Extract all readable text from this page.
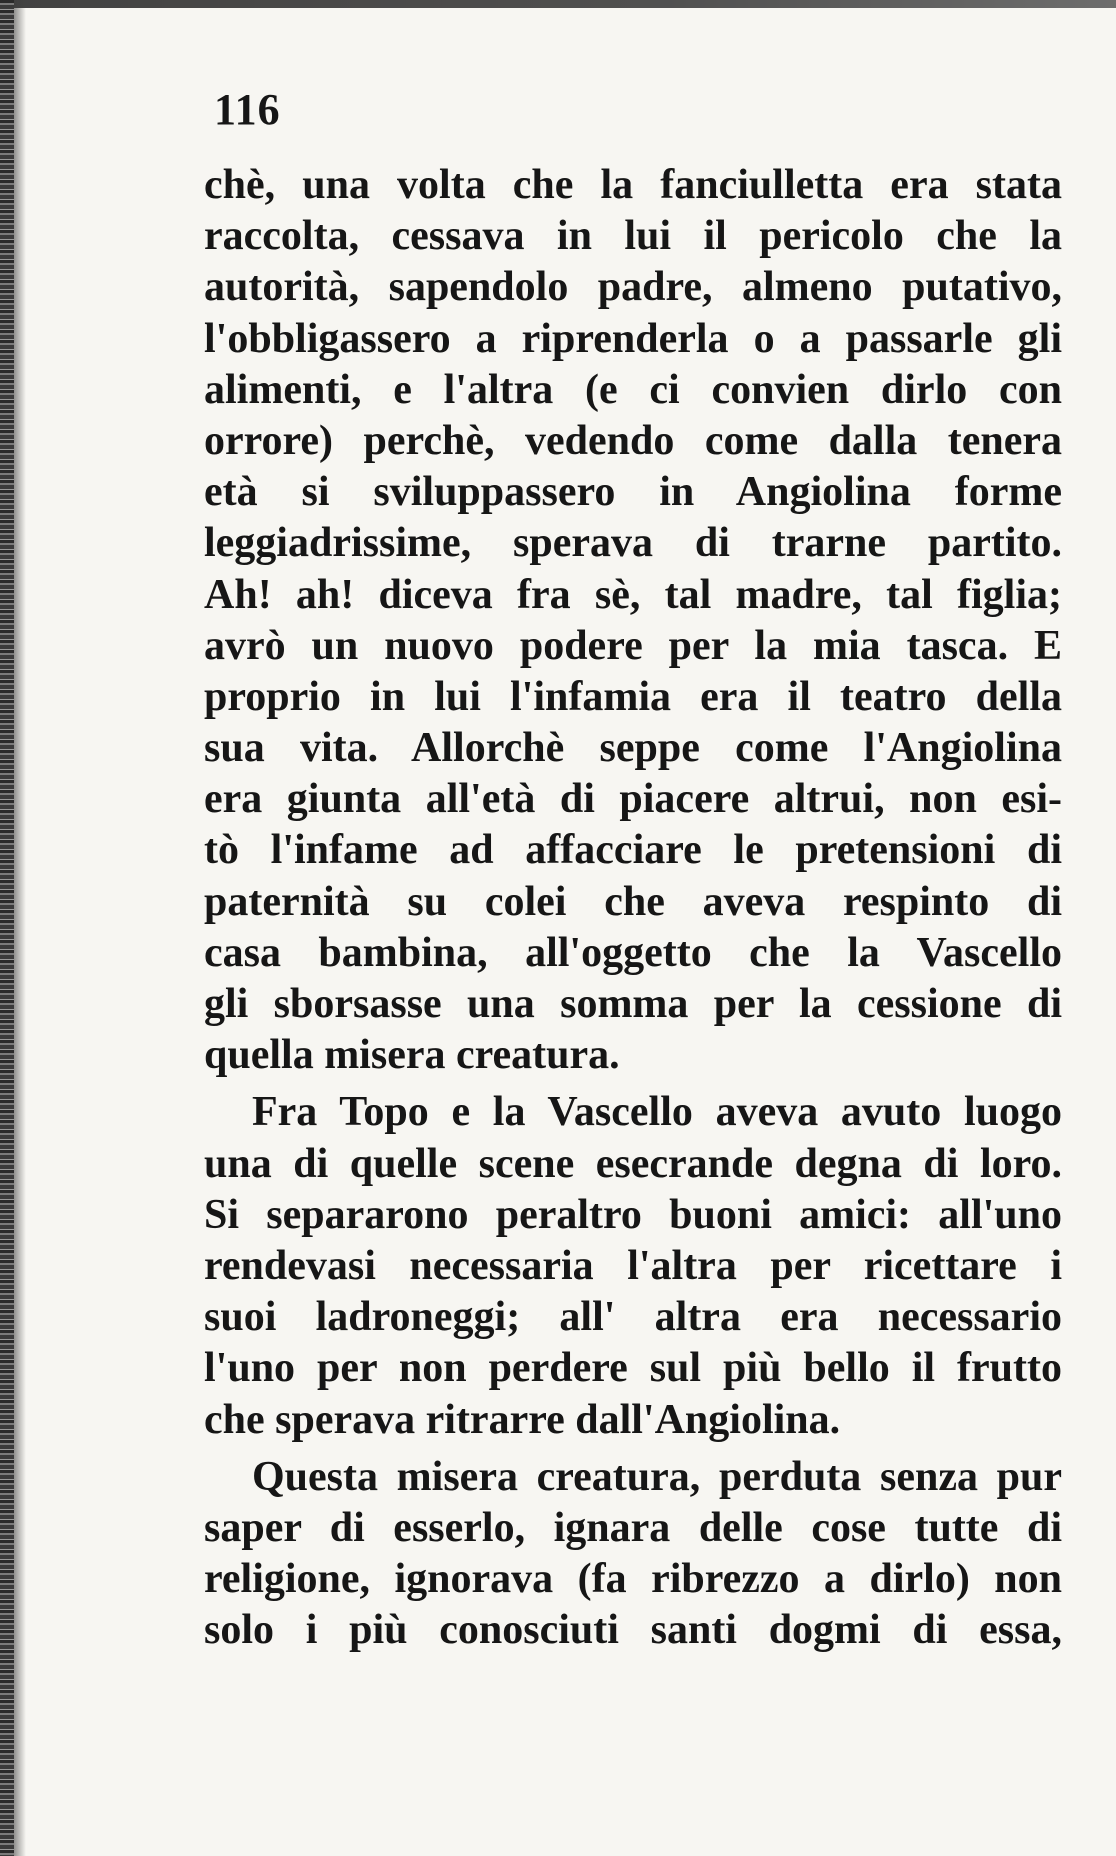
116
chè, una volta che la fanciulletta era stata
raccolta, cessava in lui il pericolo che la
autorità, sapendolo padre, almeno putativo,
l'obbligassero a riprenderla o a passarle gli
alimenti, e l'altra (e ci convien dirlo con
orrore) perchè, vedendo come dalla tenera
età si sviluppassero in Angiolina forme
leggiadrissime, sperava di trarne partito.
Ah! ah! diceva fra sè, tal madre, tal figlia;
avrò un nuovo podere per la mia tasca. E
proprio in lui l'infamia era il teatro della
sua vita. Allorchè seppe come l'Angiolina
era giunta all'età di piacere altrui, non esi-
tò l'infame ad affacciare le pretensioni di
paternità su colei che aveva respinto di
casa bambina, all'oggetto che la Vascello
gli sborsasse una somma per la cessione di
quella misera creatura.
Fra Topo e la Vascello aveva avuto luogo
una di quelle scene esecrande degna di loro.
Si separarono peraltro buoni amici: all'uno
rendevasi necessaria l'altra per ricettare i
suoi ladroneggi; all' altra era necessario
l'uno per non perdere sul più bello il frutto
che sperava ritrarre dall'Angiolina.
Questa misera creatura, perduta senza pur
saper di esserlo, ignara delle cose tutte di
religione, ignorava (fa ribrezzo a dirlo) non
solo i più conosciuti santi dogmi di essa,
